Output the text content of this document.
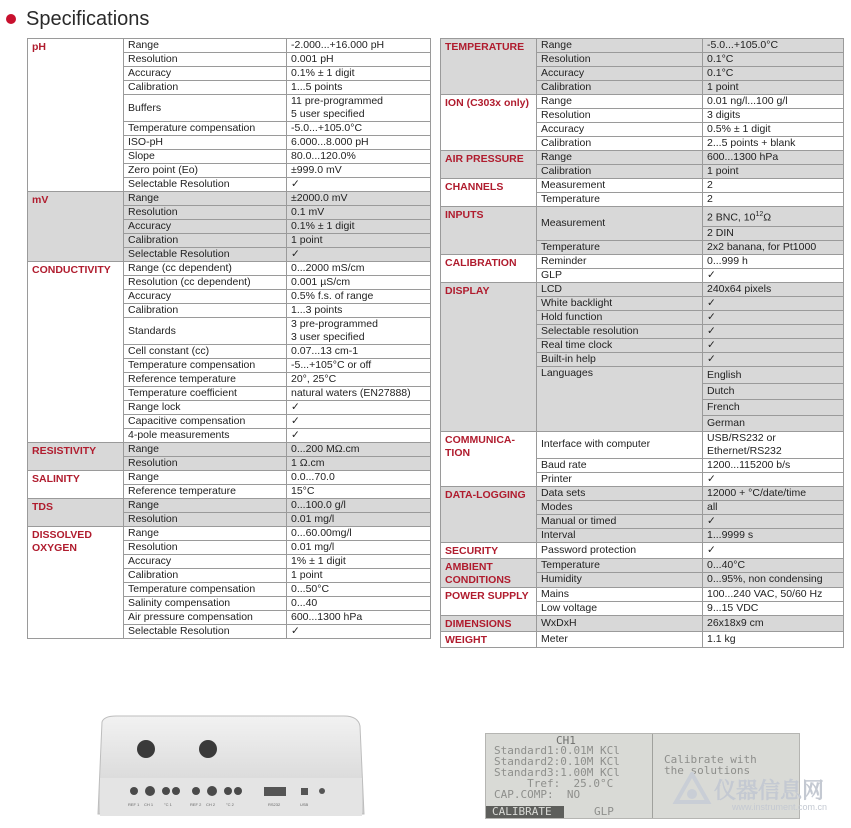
Specifications
pH	Range	-2.000...+16.000 pH
	Resolution	0.001 pH
	Accuracy	0.1% ± 1 digit
	Calibration	1...5 points
	Buffers	11 pre-programmed
5 user specified

	Temperature compensation	-5.0...+105.0°C
	ISO-pH	6.000...8.000 pH
	Slope	80.0...120.0%
	Zero point (Eo)	±999.0 mV
	Selectable Resolution	✓
mV	Range	±2000.0 mV
	Resolution	0.1 mV
	Accuracy	0.1% ± 1 digit
	Calibration	1 point
	Selectable Resolution	✓
CONDUCTIVITY	Range (cc dependent)	0...2000 mS/cm
	Resolution (cc dependent)	0.001 µS/cm
	Accuracy	0.5% f.s. of range
	Calibration	1...3 points
	Standards	3 pre-programmed
3 user specified

	Cell constant (cc)	0.07...13 cm-1
	Temperature compensation	-5...+105°C or off
	Reference temperature	20°, 25°C
	Temperature coefficient	natural waters (EN27888)
	Range lock	✓
	Capacitive compensation	✓
	4-pole measurements	✓
RESISTIVITY	Range	0...200 MΩ.cm
	Resolution	1 Ω.cm
SALINITY	Range	0.0...70.0
	Reference temperature	15°C
TDS	Range	0...100.0 g/l
	Resolution	0.01 mg/l
DISSOLVED OXYGEN	Range	0...60.00mg/l
	Resolution	0.01 mg/l
	Accuracy	1% ± 1 digit
	Calibration	1 point
	Temperature compensation	0...50°C
	Salinity compensation	0...40
	Air pressure compensation	600...1300 hPa
	Selectable Resolution	✓
TEMPERATURE	Range	-5.0...+105.0°C
	Resolution	0.1°C
	Accuracy	0.1°C
	Calibration	1 point
ION (C303x only)	Range	0.01 ng/l...100 g/l
	Resolution	3 digits
	Accuracy	0.5% ± 1 digit
	Calibration	2...5 points + blank
AIR PRESSURE	Range	600...1300 hPa
	Calibration	1 point
CHANNELS	Measurement	2
	Temperature	2
INPUTS	Measurement	2 BNC, $10^{12}\Omega$
2 DIN

	Temperature	2x2 banana, for Pt1000
CALIBRATION	Reminder	0...999 h
	GLP	✓
DISPLAY	LCD	240x64 pixels
	White backlight	✓
	Hold function	✓
	Selectable resolution	✓
	Real time clock	✓
	Built-in help	✓
	Languages	English
		Dutch
		French
		German
COMMUNICA-TION	Interface with computer	USB/RS232 or
Ethernet/RS232

	Baud rate	1200...115200 b/s
	Printer	✓
DATA-LOGGING	Data sets	12000 + °C/date/time
	Modes	all
	Manual or timed	✓
	Interval	1...9999 s
SECURITY	Password protection	✓
AMBIENT CONDITIONS	Temperature	0...40°C
	Humidity	0...95%, non condensing
POWER SUPPLY	Mains	100...240 VAC, 50/60 Hz
	Low voltage	9...15 VDC
DIMENSIONS	WxDxH	26x18x9 cm
WEIGHT	Meter	1.1 kg
REF 1 CH 1	°C 1	REF 2 CH 2	°C 2	RS232	USB
CH1
Standard1:0.01M KCl
Standard2:0.10M KCl
Standard3:1.00M KCl
Tref:  25.0°C
CAP.COMP:  NO
Calibrate with
the solutions
CALIBRATE	GLP
仪器信息网
www.instrument.com.cn
